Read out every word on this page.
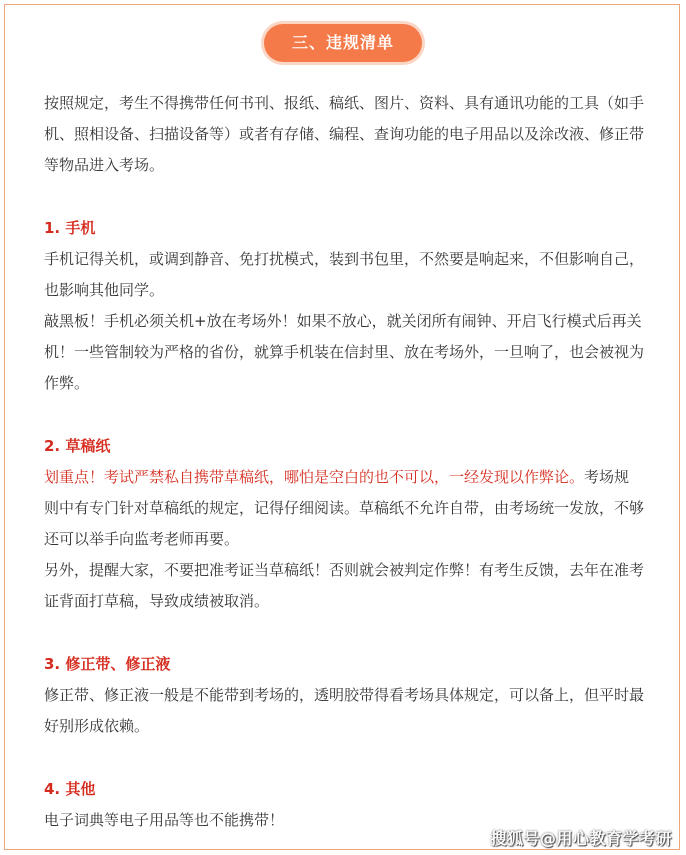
三、违规清单

按照规定，考生不得携带任何书刊、报纸、稿纸、图片、资料、具有通讯功能的工具（如手机、照相设备、扫描设备等）或者有存储、编程、查询功能的电子用品以及涂改液、修正带等物品进入考场。

1. 手机

手机记得关机，或调到静音、免打扰模式，装到书包里，不然要是响起来，不但影响自己，也影响其他同学。

敲黑板！手机必须关机+放在考场外！如果不放心，就关闭所有闹钟、开启飞行模式后再关机！一些管制较为严格的省份，就算手机装在信封里、放在考场外，一旦响了，也会被视为作弊。

2. 草稿纸

划重点！考试严禁私自携带草稿纸，哪怕是空白的也不可以，一经发现以作弊论。考场规则中有专门针对草稿纸的规定，记得仔细阅读。草稿纸不允许自带，由考场统一发放，不够还可以举手向监考老师再要。

另外，提醒大家，不要把准考证当草稿纸！否则就会被判定作弊！有考生反馈，去年在准考证背面打草稿，导致成绩被取消。

3. 修正带、修正液

修正带、修正液一般是不能带到考场的，透明胶带得看考场具体规定，可以备上，但平时最好别形成依赖。

4. 其他

电子词典等电子用品等也不能携带！

搜狐号@用心教育学考研
